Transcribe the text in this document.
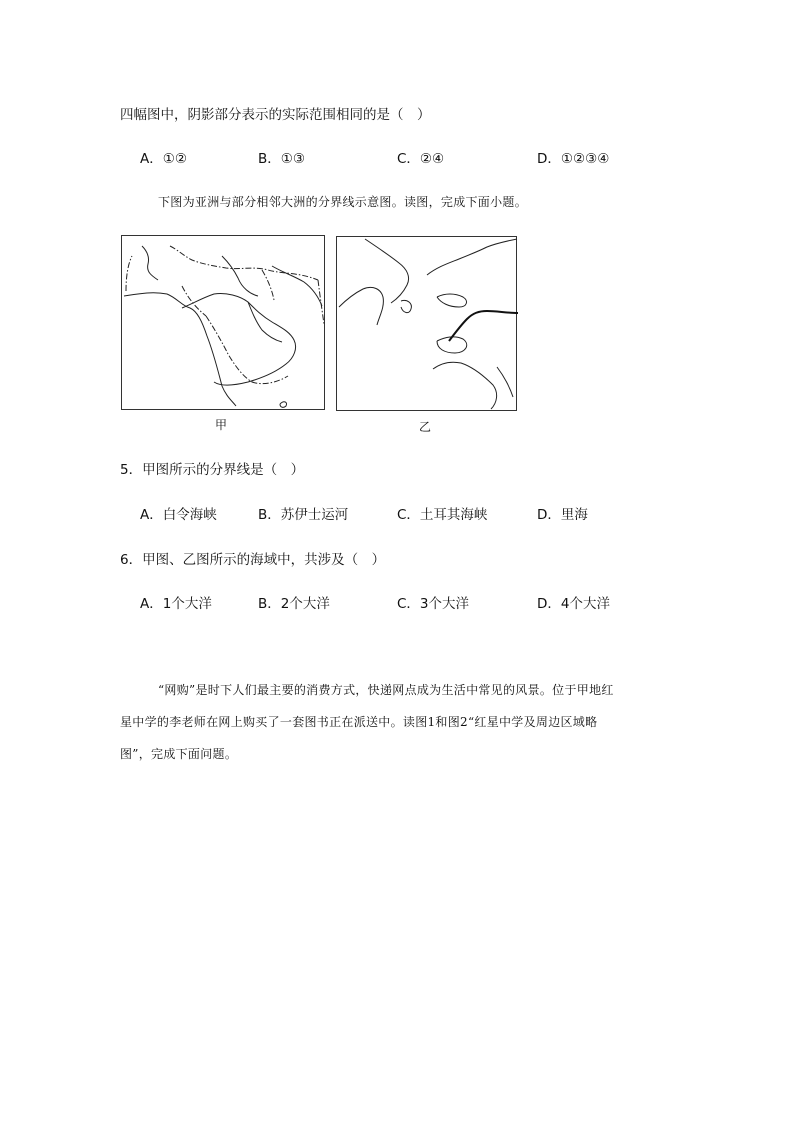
四幅图中，阴影部分表示的实际范围相同的是（　）
A．①②	B．①③	C．②④	D．①②③④
下图为亚洲与部分相邻大洲的分界线示意图。读图，完成下面小题。
甲	乙
5．甲图所示的分界线是（　）
A．白令海峡	B．苏伊士运河	C．土耳其海峡	D．里海
6．甲图、乙图所示的海域中，共涉及（　）
A．1个大洋	B．2个大洋	C．3个大洋	D．4个大洋
“网购”是时下人们最主要的消费方式，快递网点成为生活中常见的风景。位于甲地红
星中学的李老师在网上购买了一套图书正在派送中。读图1和图2“红星中学及周边区域略
图”，完成下面问题。
